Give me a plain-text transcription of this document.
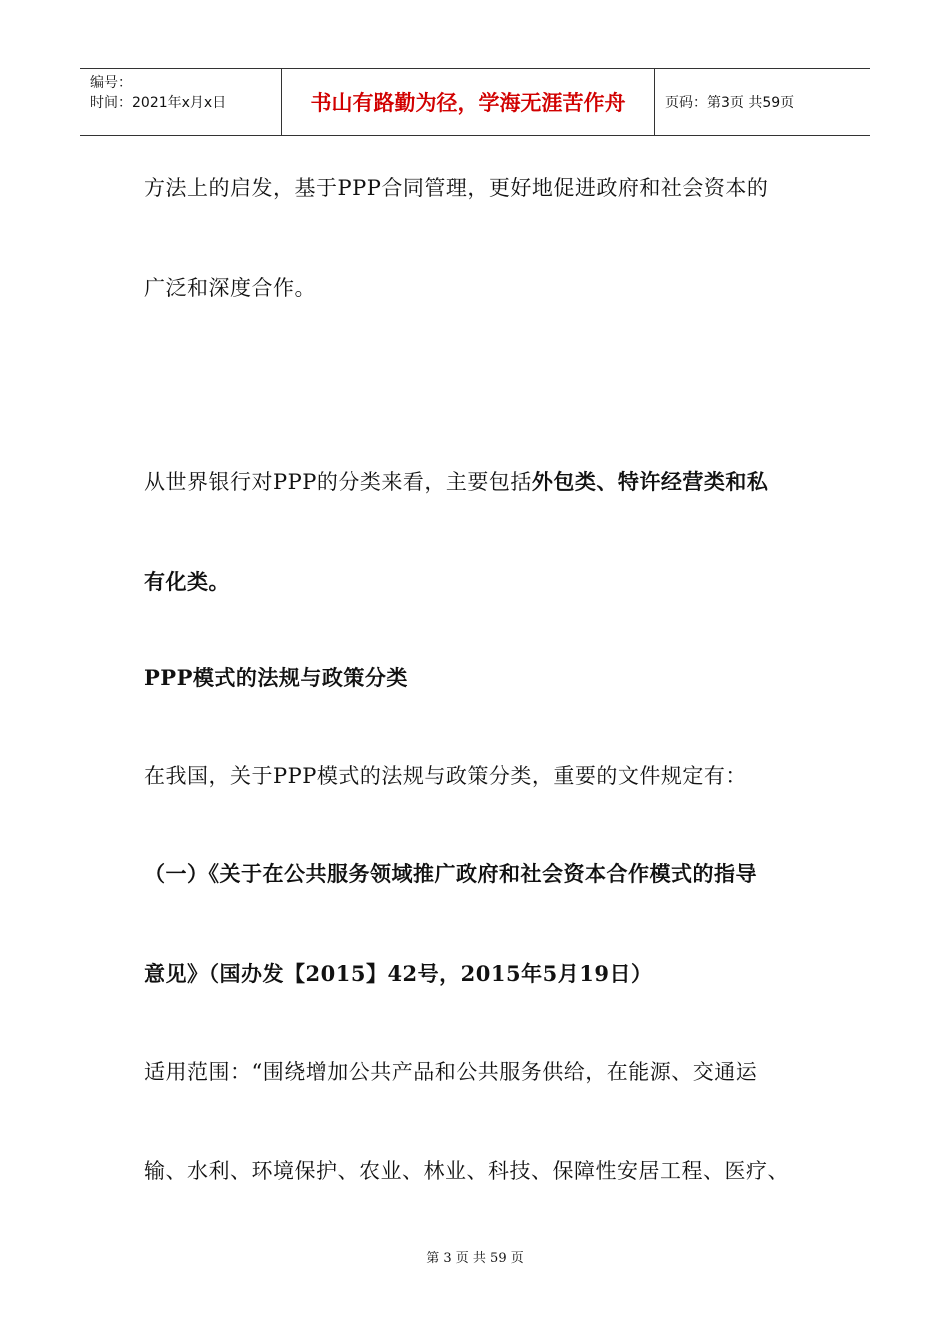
编号：
时间：2021年x月x日	书山有路勤为径，学海无涯苦作舟	页码：第3页 共59页
方法上的启发，基于PPP合同管理，更好地促进政府和社会资本的
广泛和深度合作。
从世界银行对PPP的分类来看，主要包括外包类、特许经营类和私
有化类。
PPP模式的法规与政策分类
在我国，关于PPP模式的法规与政策分类，重要的文件规定有：
（一）《关于在公共服务领域推广政府和社会资本合作模式的指导
意见》（国办发【2015】42号，2015年5月19日）
适用范围：“围绕增加公共产品和公共服务供给，在能源、交通运
输、水利、环境保护、农业、林业、科技、保障性安居工程、医疗、
第 3 页 共 59 页
